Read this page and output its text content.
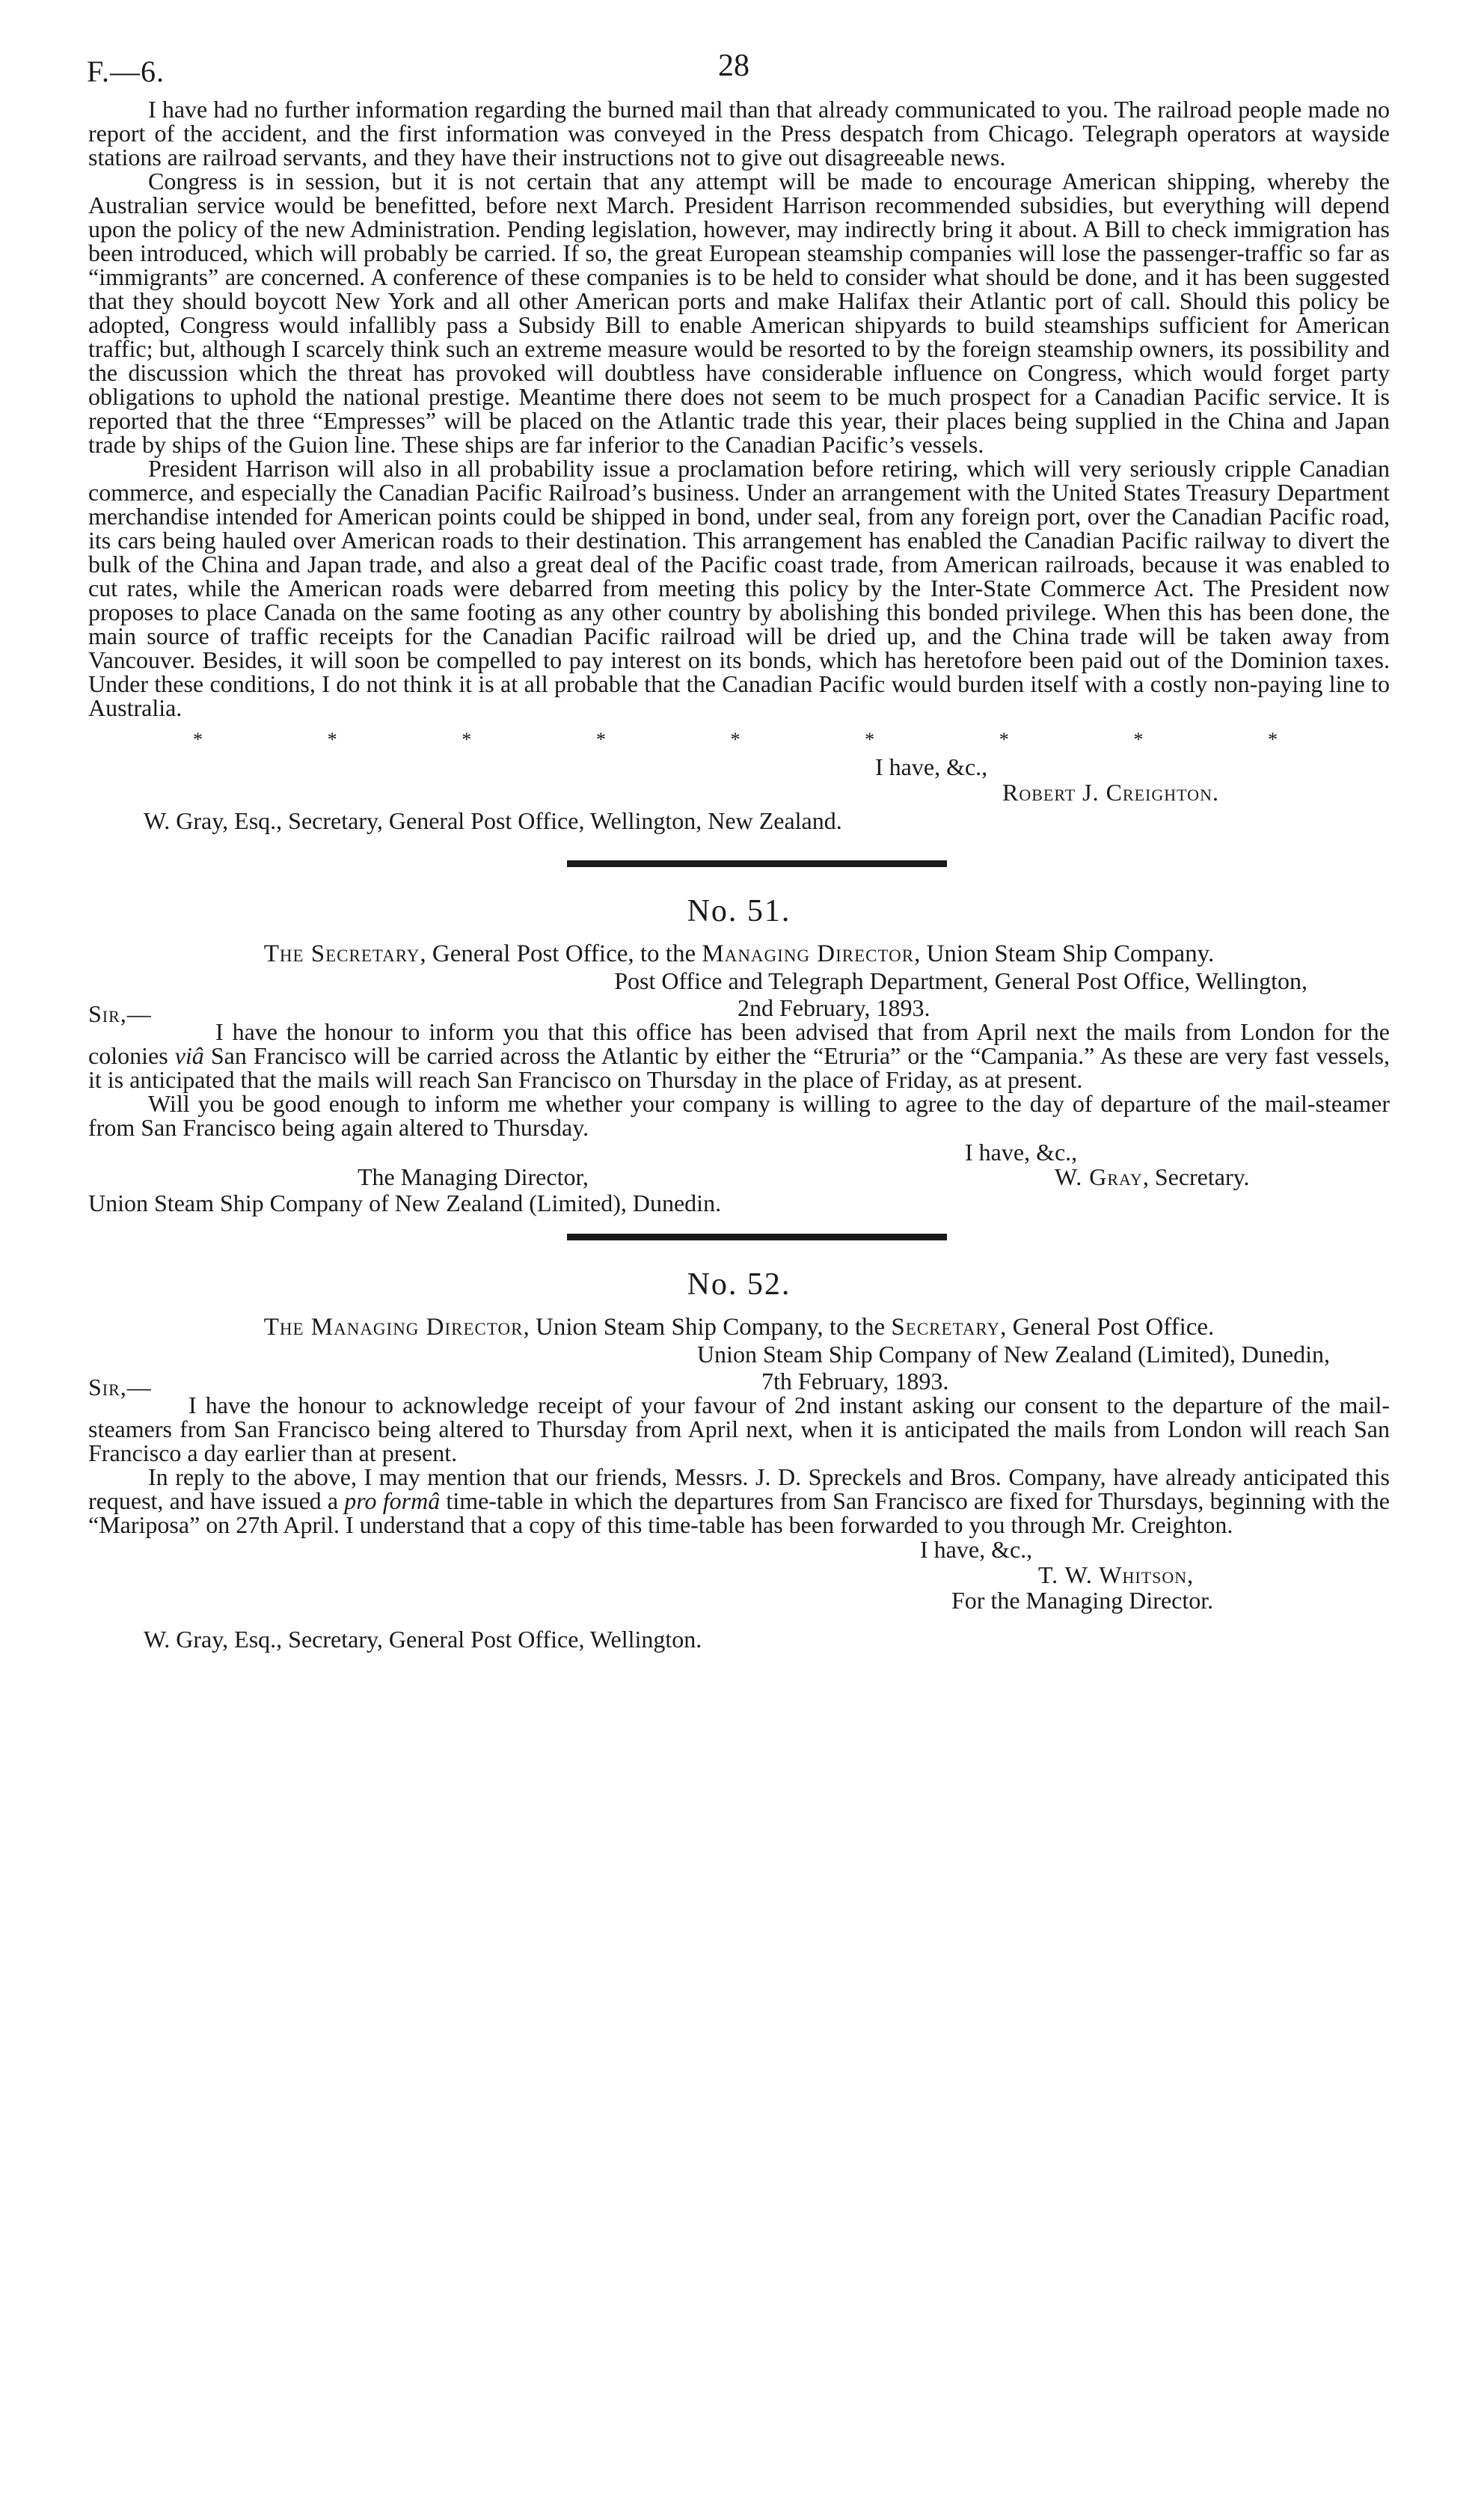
F.—6.	28

I have had no further information regarding the burned mail than that already communicated to you. The railroad people made no report of the accident, and the first information was conveyed in the Press despatch from Chicago. Telegraph operators at wayside stations are railroad servants, and they have their instructions not to give out disagreeable news.

Congress is in session, but it is not certain that any attempt will be made to encourage American shipping, whereby the Australian service would be benefitted, before next March. President Harrison recommended subsidies, but everything will depend upon the policy of the new Administration. Pending legislation, however, may indirectly bring it about. A Bill to check immigration has been introduced, which will probably be carried. If so, the great European steamship companies will lose the passenger-traffic so far as “immigrants” are concerned. A conference of these companies is to be held to consider what should be done, and it has been suggested that they should boycott New York and all other American ports and make Halifax their Atlantic port of call. Should this policy be adopted, Congress would infallibly pass a Subsidy Bill to enable American shipyards to build steamships sufficient for American traffic; but, although I scarcely think such an extreme measure would be resorted to by the foreign steamship owners, its possibility and the discussion which the threat has provoked will doubtless have considerable influence on Congress, which would forget party obligations to uphold the national prestige. Meantime there does not seem to be much prospect for a Canadian Pacific service. It is reported that the three “Empresses” will be placed on the Atlantic trade this year, their places being supplied in the China and Japan trade by ships of the Guion line. These ships are far inferior to the Canadian Pacific’s vessels.

President Harrison will also in all probability issue a proclamation before retiring, which will very seriously cripple Canadian commerce, and especially the Canadian Pacific Railroad’s business. Under an arrangement with the United States Treasury Department merchandise intended for American points could be shipped in bond, under seal, from any foreign port, over the Canadian Pacific road, its cars being hauled over American roads to their destination. This arrangement has enabled the Canadian Pacific railway to divert the bulk of the China and Japan trade, and also a great deal of the Pacific coast trade, from American railroads, because it was enabled to cut rates, while the American roads were debarred from meeting this policy by the Inter-State Commerce Act. The President now proposes to place Canada on the same footing as any other country by abolishing this bonded privilege. When this has been done, the main source of traffic receipts for the Canadian Pacific railroad will be dried up, and the China trade will be taken away from Vancouver. Besides, it will soon be compelled to pay interest on its bonds, which has heretofore been paid out of the Dominion taxes. Under these conditions, I do not think it is at all probable that the Canadian Pacific would burden itself with a costly non-paying line to Australia.

*	*	*	*	*	*	*	*	*
I have, &c.,
Robert J. Creighton.
W. Gray, Esq., Secretary, General Post Office, Wellington, New Zealand.
No. 51.
The Secretary, General Post Office, to the Managing Director, Union Steam Ship Company.
Post Office and Telegraph Department, General Post Office, Wellington,
2nd February, 1893.
Sir,—

I have the honour to inform you that this office has been advised that from April next the mails from London for the colonies viâ San Francisco will be carried across the Atlantic by either the “Etruria” or the “Campania.” As these are very fast vessels, it is anticipated that the mails will reach San Francisco on Thursday in the place of Friday, as at present.

Will you be good enough to inform me whether your company is willing to agree to the day of departure of the mail-steamer from San Francisco being again altered to Thursday.

I have, &c.,
The Managing Director,	W. Gray, Secretary.
Union Steam Ship Company of New Zealand (Limited), Dunedin.
No. 52.
The Managing Director, Union Steam Ship Company, to the Secretary, General Post Office.
Union Steam Ship Company of New Zealand (Limited), Dunedin,
7th February, 1893.
Sir,—

I have the honour to acknowledge receipt of your favour of 2nd instant asking our consent to the departure of the mail-steamers from San Francisco being altered to Thursday from April next, when it is anticipated the mails from London will reach San Francisco a day earlier than at present.

In reply to the above, I may mention that our friends, Messrs. J. D. Spreckels and Bros. Company, have already anticipated this request, and have issued a pro formâ time-table in which the departures from San Francisco are fixed for Thursdays, beginning with the “Mariposa” on 27th April. I understand that a copy of this time-table has been forwarded to you through Mr. Creighton.

I have, &c.,
T. W. Whitson,
For the Managing Director.
W. Gray, Esq., Secretary, General Post Office, Wellington.
